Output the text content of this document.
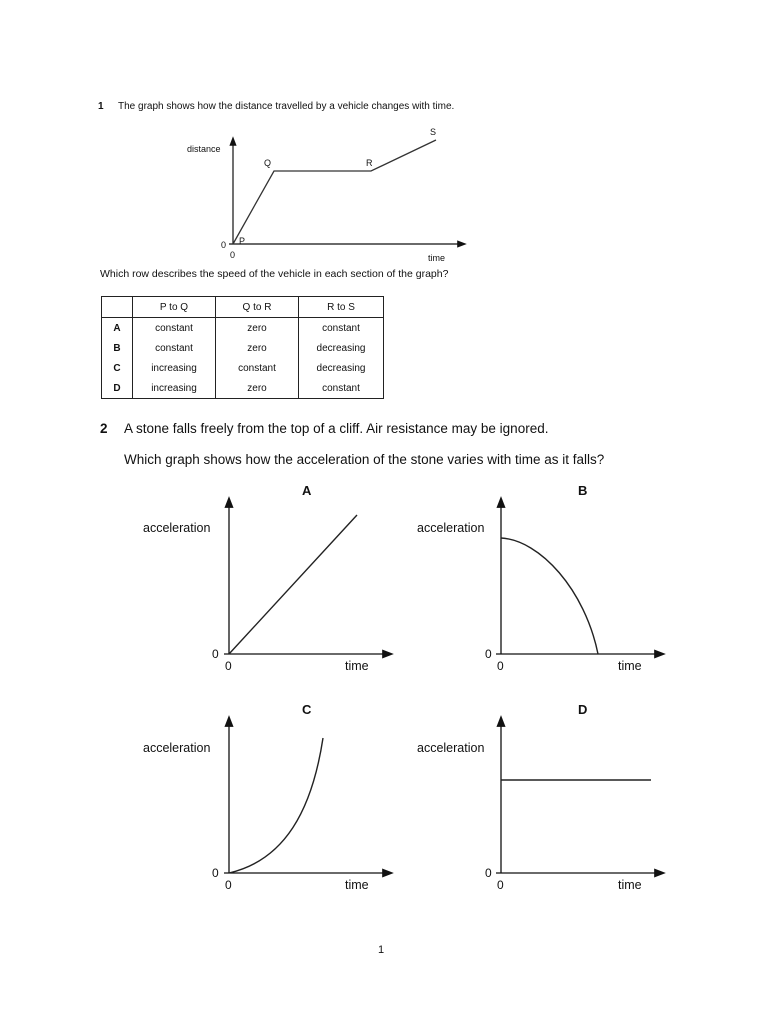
1 The graph shows how the distance travelled by a vehicle changes with time.
distance
time
0
0
P
Q	R
S
Which row describes the speed of the vehicle in each section of the graph?
	P to Q	Q to R	R to S
A	constant	zero	constant
B	constant	zero	decreasing
C	increasing	constant	decreasing
D	increasing	zero	constant
2 A stone falls freely from the top of a cliff. Air resistance may be ignored.
Which graph shows how the acceleration of the stone varies with time as it falls?
A
acceleration
time
0
0
B
acceleration
time
0
0
C
acceleration
time
0
0
D
acceleration
time
0
0
1
